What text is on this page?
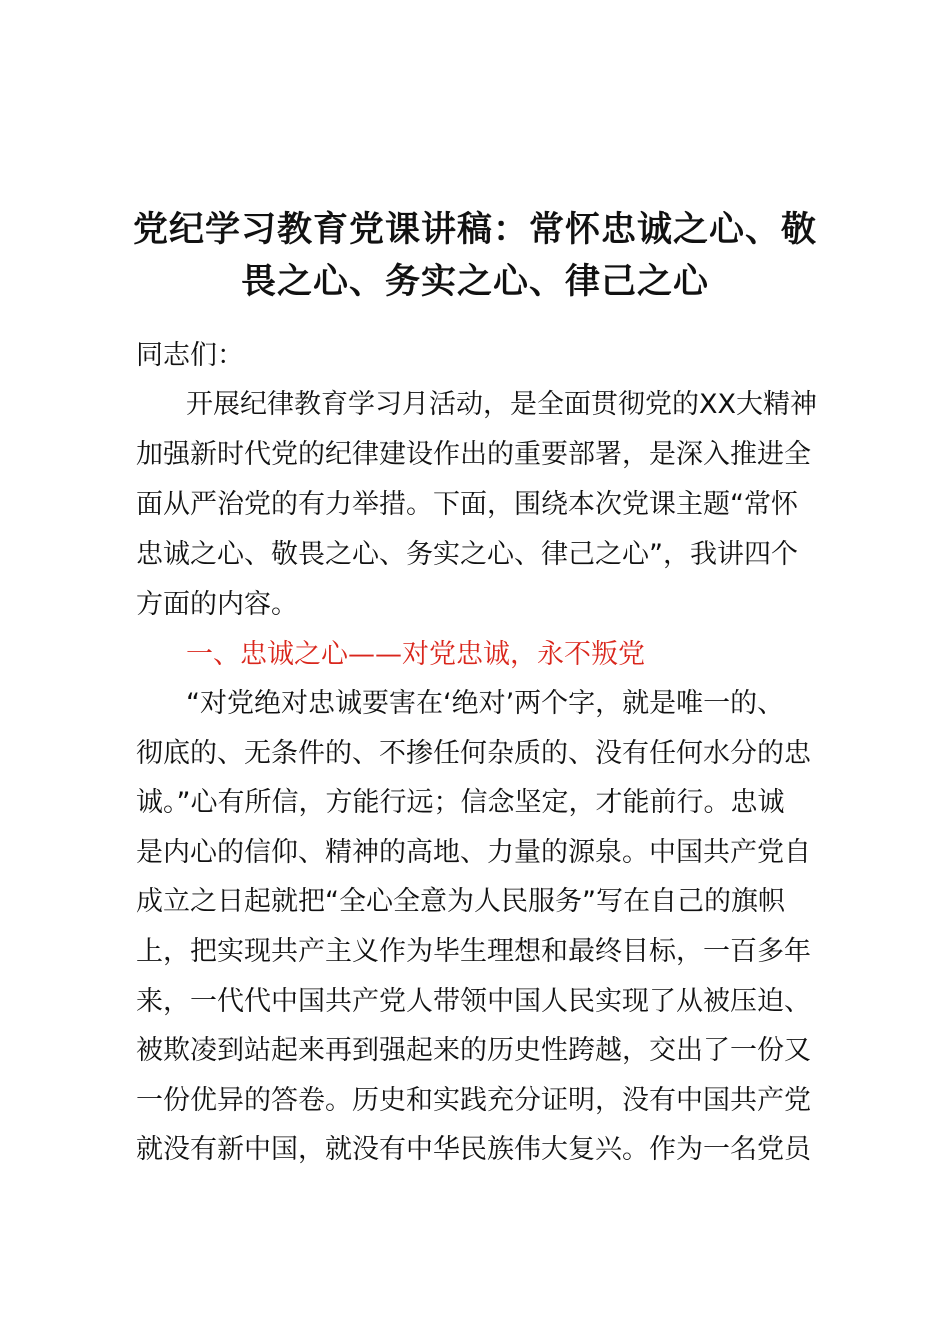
党纪学习教育党课讲稿：常怀忠诚之心、敬
畏之心、务实之心、律己之心
同志们：
开展纪律教育学习月活动，是全面贯彻党的XX大精神
加强新时代党的纪律建设作出的重要部署，是深入推进全
面从严治党的有力举措。下面，围绕本次党课主题“常怀
忠诚之心、敬畏之心、务实之心、律己之心”，我讲四个
方面的内容。
一、忠诚之心——对党忠诚，永不叛党
“对党绝对忠诚要害在‘绝对’两个字，就是唯一的、
彻底的、无条件的、不掺任何杂质的、没有任何水分的忠
诚。”心有所信，方能行远；信念坚定，才能前行。忠诚
是内心的信仰、精神的高地、力量的源泉。中国共产党自
成立之日起就把“全心全意为人民服务”写在自己的旗帜
上，把实现共产主义作为毕生理想和最终目标，一百多年
来，一代代中国共产党人带领中国人民实现了从被压迫、
被欺凌到站起来再到强起来的历史性跨越，交出了一份又
一份优异的答卷。历史和实践充分证明，没有中国共产党
就没有新中国，就没有中华民族伟大复兴。作为一名党员
